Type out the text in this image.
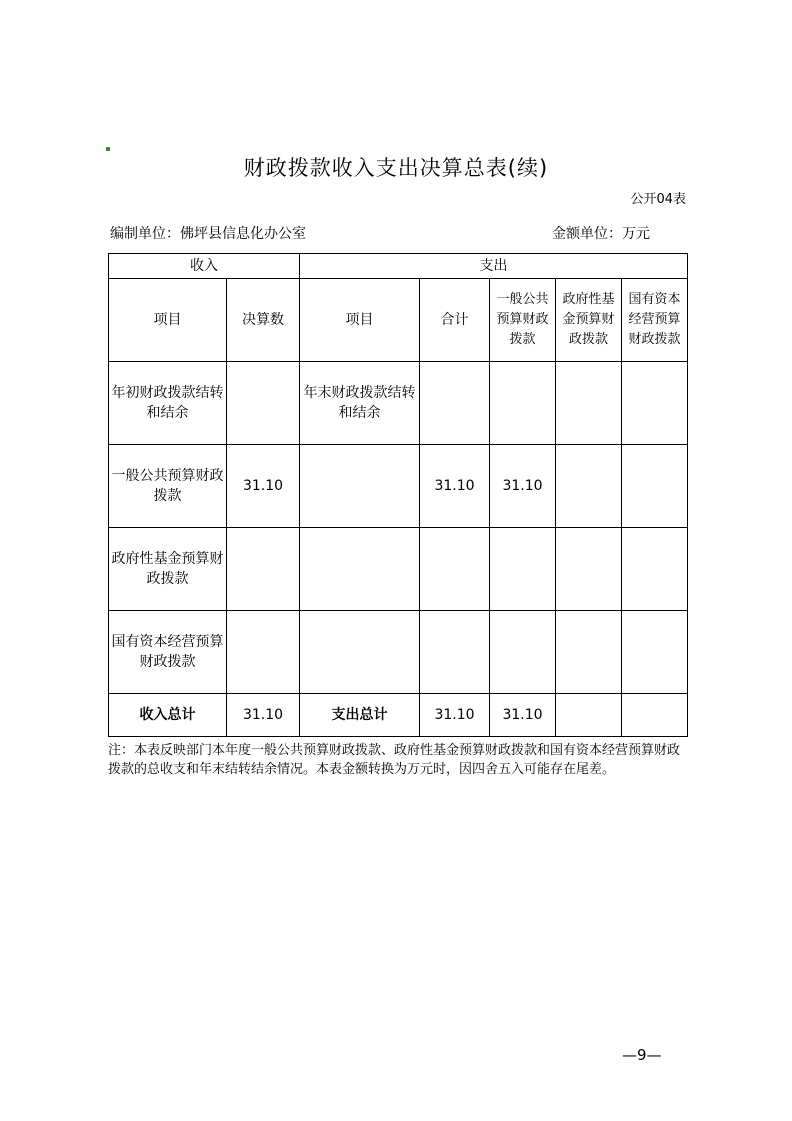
财政拨款收入支出决算总表(续)
公开04表
编制单位：佛坪县信息化办公室	金额单位：万元
收入		支出				
项目	决算数	项目	合计	一般公共预算财政拨款	政府性基金预算财政拨款	国有资本经营预算财政拨款
年初财政拨款结转和结余		年末财政拨款结转和结余				
一般公共预算财政拨款	31.10		31.10	31.10		
政府性基金预算财政拨款						
国有资本经营预算财政拨款						
收入总计	31.10	支出总计	31.10	31.10		
注：本表反映部门本年度一般公共预算财政拨款、政府性基金预算财政拨款和国有资本经营预算财政拨款的总收支和年末结转结余情况。本表金额转换为万元时，因四舍五入可能存在尾差。
—9—
